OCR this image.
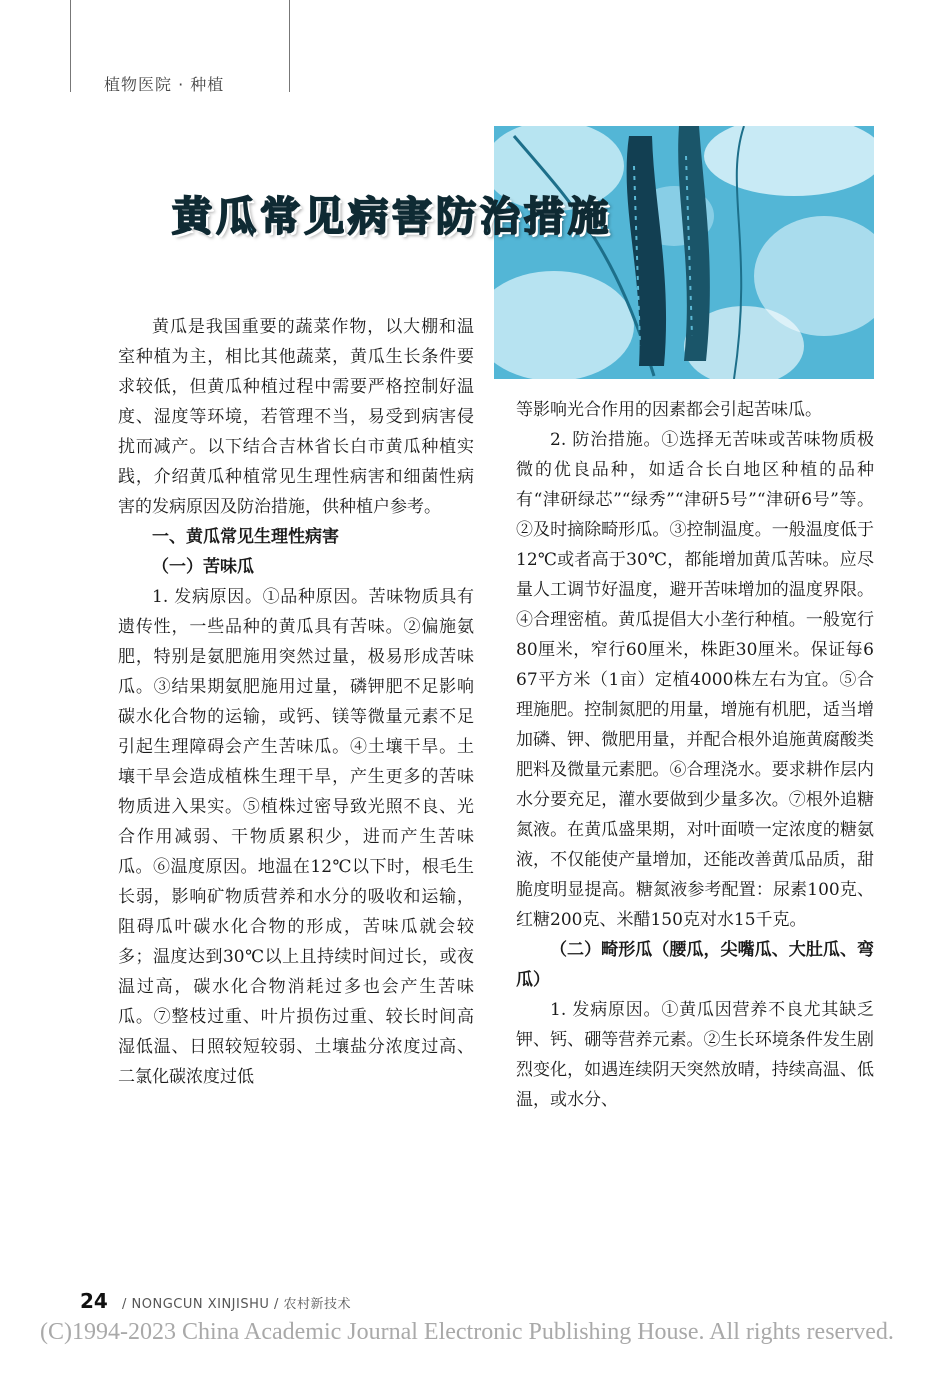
植物医院 · 种植
黄瓜常见病害防治措施

黄瓜是我国重要的蔬菜作物，以大棚和温室种植为主，相比其他蔬菜，黄瓜生长条件要求较低，但黄瓜种植过程中需要严格控制好温度、湿度等环境，若管理不当，易受到病害侵扰而减产。以下结合吉林省长白市黄瓜种植实践，介绍黄瓜种植常见生理性病害和细菌性病害的发病原因及防治措施，供种植户参考。

一、黄瓜常见生理性病害

（一）苦味瓜

1. 发病原因。①品种原因。苦味物质具有遗传性，一些品种的黄瓜具有苦味。②偏施氨肥，特别是氨肥施用突然过量，极易形成苦味瓜。③结果期氨肥施用过量，磷钾肥不足影响碳水化合物的运输，或钙、镁等微量元素不足引起生理障碍会产生苦味瓜。④土壤干旱。土壤干旱会造成植株生理干旱，产生更多的苦味物质进入果实。⑤植株过密导致光照不良、光合作用减弱、干物质累积少，进而产生苦味瓜。⑥温度原因。地温在12℃以下时，根毛生长弱，影响矿物质营养和水分的吸收和运输，阻碍瓜叶碳水化合物的形成，苦味瓜就会较多；温度达到30℃以上且持续时间过长，或夜温过高，碳水化合物消耗过多也会产生苦味瓜。⑦整枝过重、叶片损伤过重、较长时间高湿低温、日照较短较弱、土壤盐分浓度过高、二氯化碳浓度过低

等影响光合作用的因素都会引起苦味瓜。

2. 防治措施。①选择无苦味或苦味物质极微的优良品种，如适合长白地区种植的品种有“津研绿芯”“绿秀”“津研5号”“津研6号”等。②及时摘除畸形瓜。③控制温度。一般温度低于12℃或者高于30℃，都能增加黄瓜苦味。应尽量人工调节好温度，避开苦味增加的温度界限。④合理密植。黄瓜提倡大小垄行种植。一般宽行80厘米，窄行60厘米，株距30厘米。保证每667平方米（1亩）定植4000株左右为宜。⑤合理施肥。控制氮肥的用量，增施有机肥，适当增加磷、钾、微肥用量，并配合根外追施黄腐酸类肥料及微量元素肥。⑥合理浇水。要求耕作层内水分要充足，灌水要做到少量多次。⑦根外追糖氮液。在黄瓜盛果期，对叶面喷一定浓度的糖氨液，不仅能使产量增加，还能改善黄瓜品质，甜脆度明显提高。糖氮液参考配置：尿素100克、红糖200克、米醋150克对水15千克。

（二）畸形瓜（腰瓜，尖嘴瓜、大肚瓜、弯瓜）

1. 发病原因。①黄瓜因营养不良尤其缺乏钾、钙、硼等营养元素。②生长环境条件发生剧烈变化，如遇连续阴天突然放晴，持续高温、低温，或水分、

24 / NONGCUN XINJISHU / 农村新技术
(C)1994-2023 China Academic Journal Electronic Publishing House. All rights reserved.
